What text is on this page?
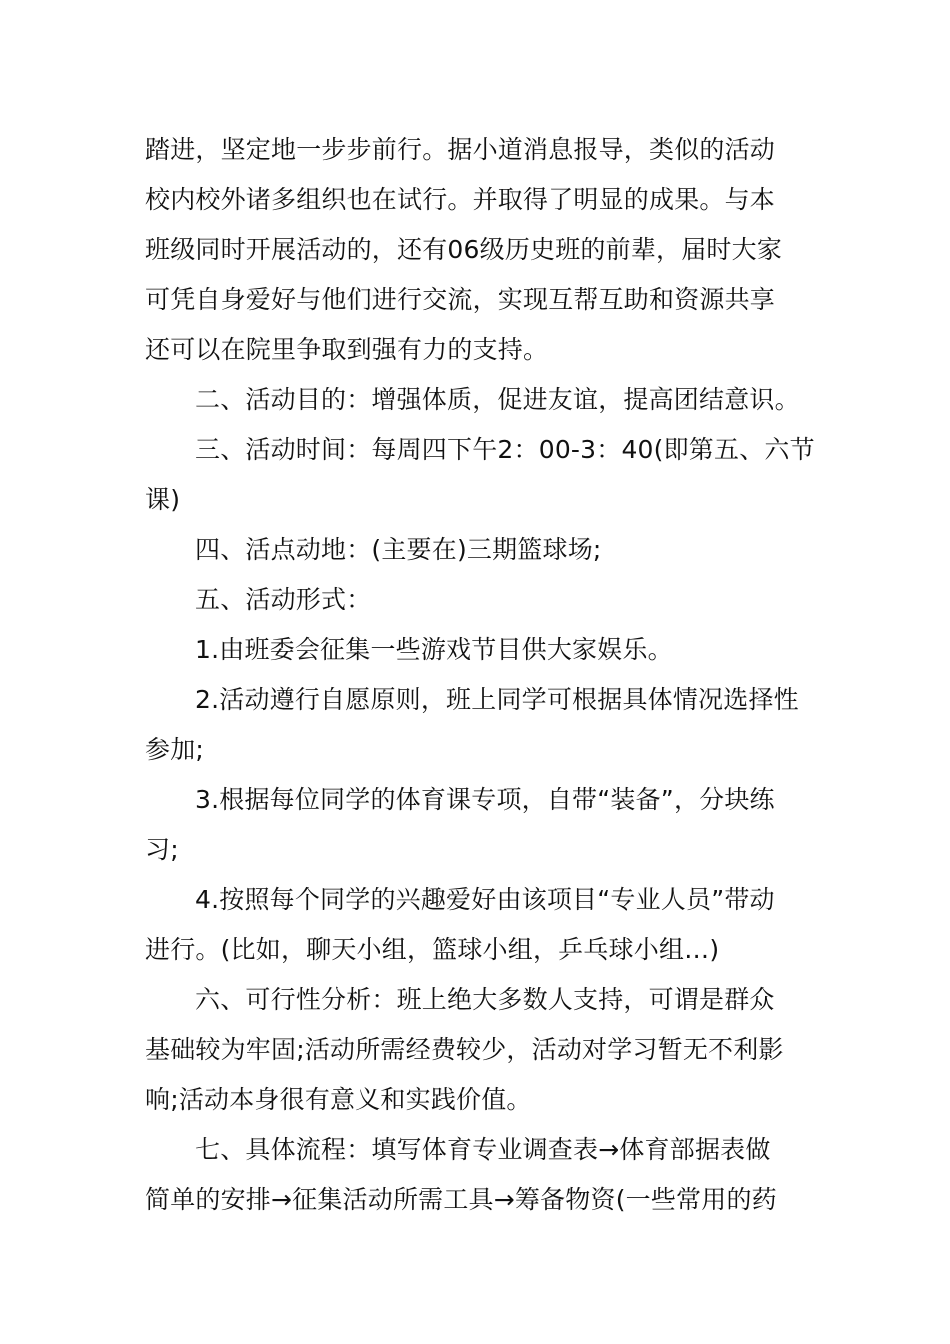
踏进，坚定地一步步前行。据小道消息报导，类似的活动
校内校外诸多组织也在试行。并取得了明显的成果。与本
班级同时开展活动的，还有06级历史班的前辈，届时大家
可凭自身爱好与他们进行交流，实现互帮互助和资源共享
还可以在院里争取到强有力的支持。
二、活动目的：增强体质，促进友谊，提高团结意识。
三、活动时间：每周四下午2：00-3：40(即第五、六节
课)
四、活点动地：(主要在)三期篮球场;
五、活动形式：
1.由班委会征集一些游戏节目供大家娱乐。
2.活动遵行自愿原则，班上同学可根据具体情况选择性
参加;
3.根据每位同学的体育课专项，自带“装备”，分块练
习;
4.按照每个同学的兴趣爱好由该项目“专业人员”带动
进行。(比如，聊天小组，篮球小组，乒乓球小组…)
六、可行性分析：班上绝大多数人支持，可谓是群众
基础较为牢固;活动所需经费较少，活动对学习暂无不利影
响;活动本身很有意义和实践价值。
七、具体流程：填写体育专业调查表→体育部据表做
简单的安排→征集活动所需工具→筹备物资(一些常用的药
